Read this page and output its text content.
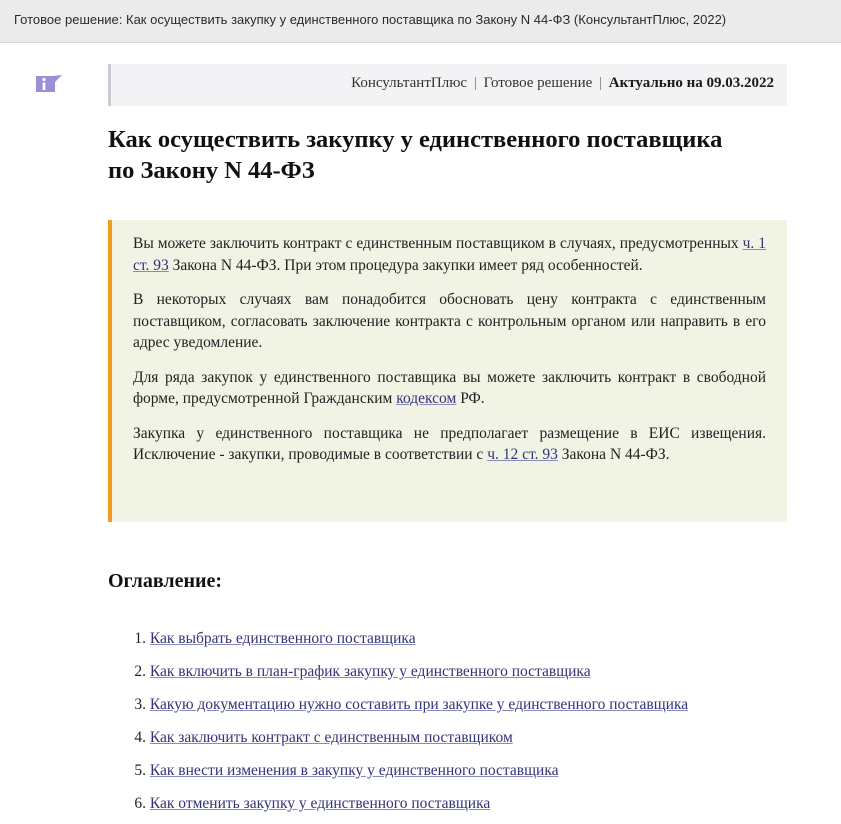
Готовое решение: Как осуществить закупку у единственного поставщика по Закону N 44-ФЗ (КонсультантПлюс, 2022)
КонсультантПлюс | Готовое решение | Актуально на 09.03.2022
Как осуществить закупку у единственного поставщика
по Закону N 44-ФЗ

Вы можете заключить контракт с единственным поставщиком в случаях, предусмотренных ч. 1 ст. 93 Закона N 44-ФЗ. При этом процедура закупки имеет ряд особенностей.

В некоторых случаях вам понадобится обосновать цену контракта с единственным поставщиком, согласовать заключение контракта с контрольным органом или направить в его адрес уведомление.

Для ряда закупок у единственного поставщика вы можете заключить контракт в свободной форме, предусмотренной Гражданским кодексом РФ.

Закупка у единственного поставщика не предполагает размещение в ЕИС извещения. Исключение - закупки, проводимые в соответствии с ч. 12 ст. 93 Закона N 44-ФЗ.

Оглавление:
1. Как выбрать единственного поставщика
2. Как включить в план-график закупку у единственного поставщика
3. Какую документацию нужно составить при закупке у единственного поставщика
4. Как заключить контракт с единственным поставщиком
5. Как внести изменения в закупку у единственного поставщика
6. Как отменить закупку у единственного поставщика
